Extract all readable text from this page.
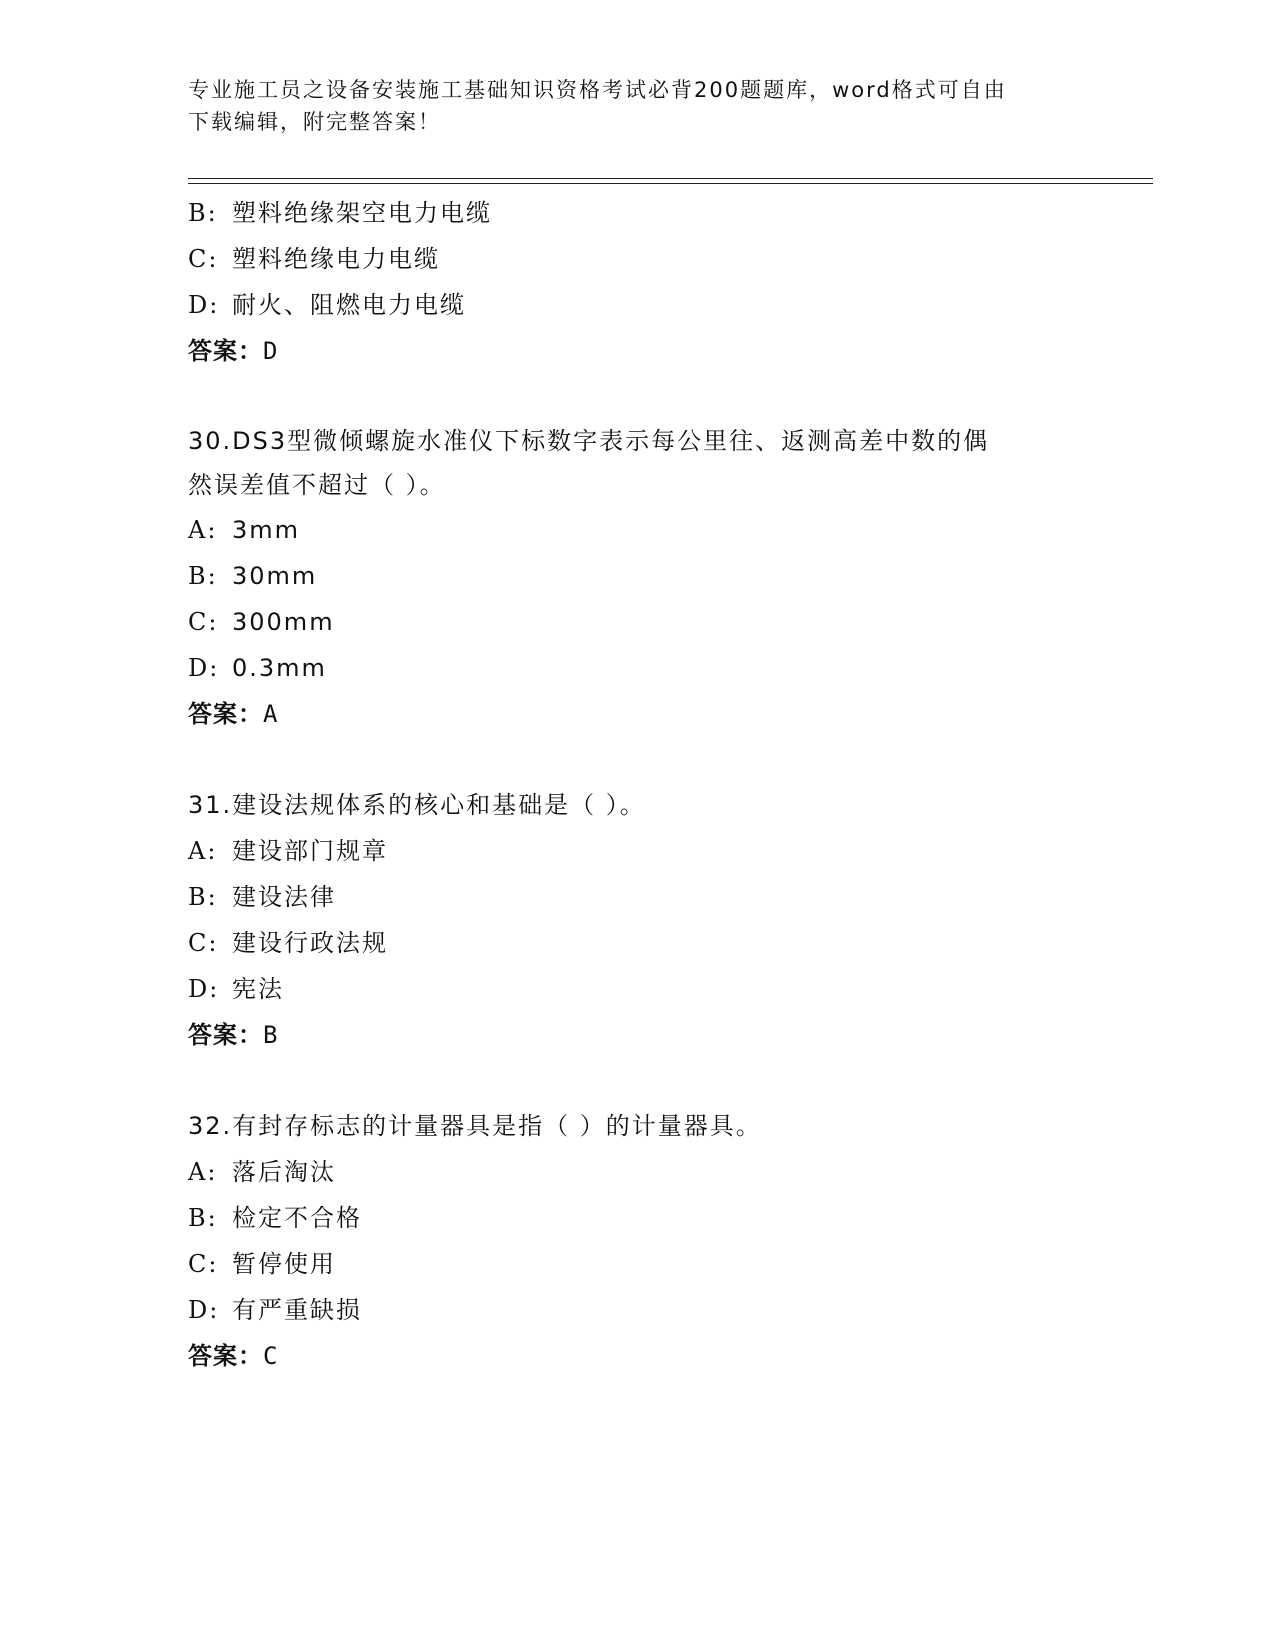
专业施工员之设备安装施工基础知识资格考试必背200题题库，word格式可自由
下载编辑，附完整答案！
B: 塑料绝缘架空电力电缆
C: 塑料绝缘电力电缆
D: 耐火、阻燃电力电缆
答案：D
30.DS3型微倾螺旋水准仪下标数字表示每公里往、返测高差中数的偶
然误差值不超过（ ）。
A: 3mm
B: 30mm
C: 300mm
D: 0.3mm
答案：A
31.建设法规体系的核心和基础是（ ）。
A: 建设部门规章
B: 建设法律
C: 建设行政法规
D: 宪法
答案：B
32.有封存标志的计量器具是指（ ）的计量器具。
A: 落后淘汰
B: 检定不合格
C: 暂停使用
D: 有严重缺损
答案：C
